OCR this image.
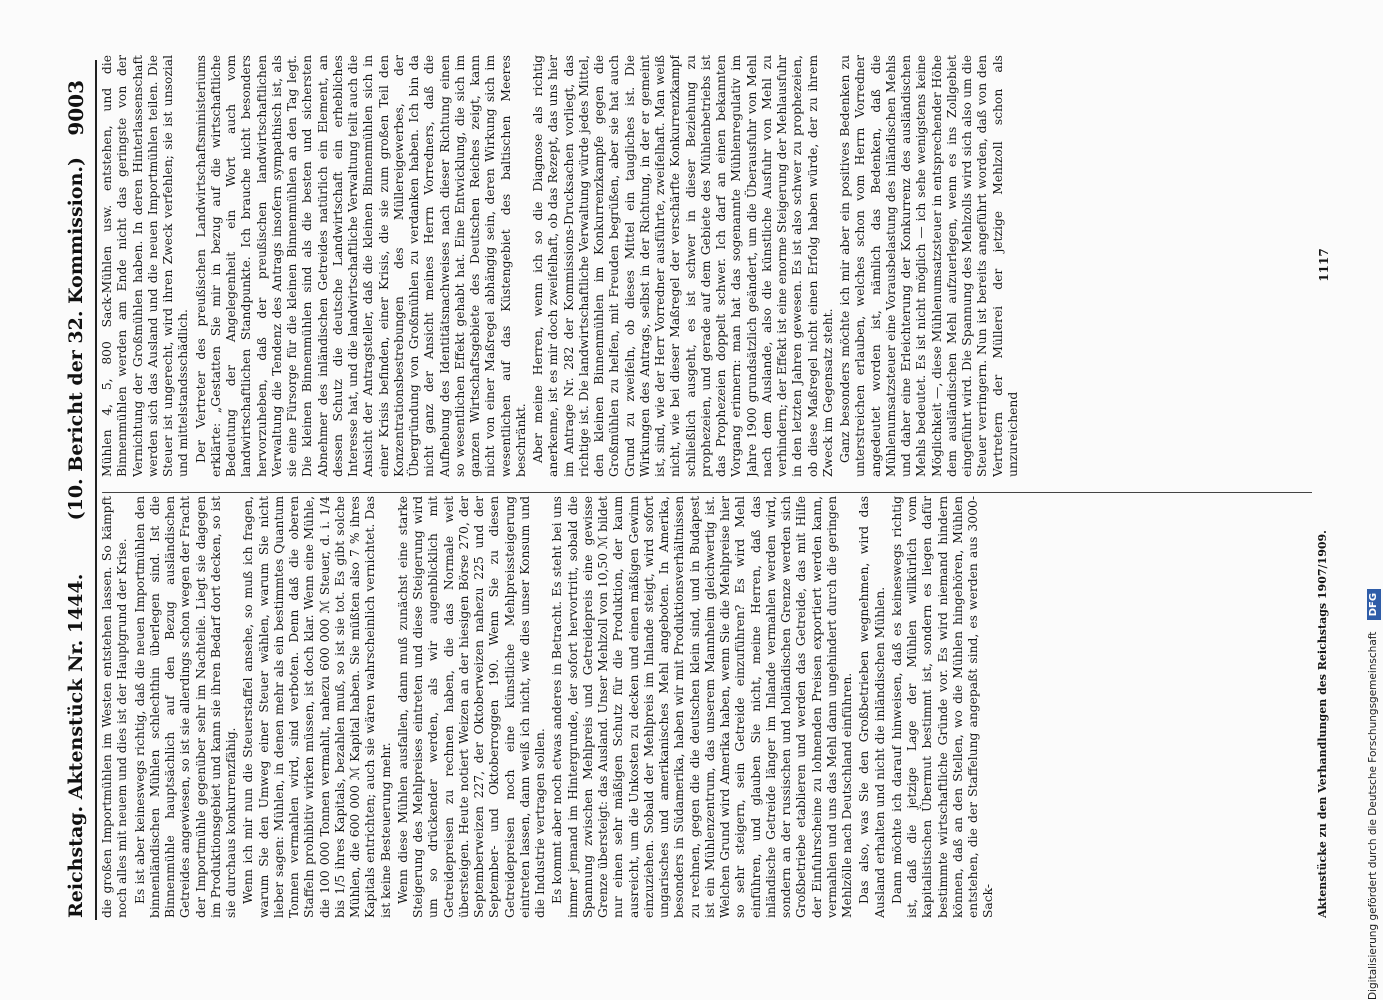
Reichstag. Aktenstück Nr. 1444.  (10. Bericht der 32. Kommission.)
9003

die großen Importmühlen im Westen entstehen lassen. So kämpft noch alles mit neuem und dies ist der Hauptgrund der Krise. Es ist aber keineswegs richtig, daß die neuen Importmühlen den binnenländischen Mühlen schlechthin überlegen sind. Ist die Binnenmühle hauptsächlich auf den Bezug ausländischen Getreides angewiesen, so ist sie allerdings schon wegen der Fracht der Importmühle gegenüber sehr im Nachteile. Liegt sie dagegen im Produktionsgebiet und kann sie ihren Bedarf dort decken, so ist sie durchaus konkurrenzfähig. Wenn ich mir nun die Steuerstaffel ansehe, so muß ich fragen, warum Sie den Umweg einer Steuer wählen, warum Sie nicht lieber sagen: Mühlen, in denen mehr als ein bestimmtes Quantum Tonnen vermahlen wird, sind verboten. Denn daß die oberen Staffeln prohibitiv wirken müssen, ist doch klar. Wenn eine Mühle, die 100 000 Tonnen vermahlt, nahezu 600 000 ℳ Steuer, d. i. 1/4 bis 1/5 ihres Kapitals, bezahlen muß, so ist sie tot. Es gibt solche Mühlen, die 600 000 ℳ Kapital haben. Sie müßten also 7 % ihres Kapitals entrichten; auch sie wären wahrscheinlich vernichtet. Das ist keine Besteuerung mehr. Wenn diese Mühlen ausfallen, dann muß zunächst eine starke Steigerung des Mehlpreises eintreten und diese Steigerung wird um so drückender werden, als wir augenblicklich mit Getreidepreisen zu rechnen haben, die das Normale weit übersteigen. Heute notiert Weizen an der hiesigen Börse 270, der Septemberweizen 227, der Oktoberweizen nahezu 225 und der September- und Oktoberroggen 190. Wenn Sie zu diesen Getreidepreisen noch eine künstliche Mehlpreissteigerung eintreten lassen, dann weiß ich nicht, wie dies unser Konsum und die Industrie vertragen sollen. Es kommt aber noch etwas anderes in Betracht. Es steht bei uns immer jemand im Hintergrunde, der sofort hervortritt, sobald die Spannung zwischen Mehlpreis und Getreidepreis eine gewisse Grenze übersteigt: das Ausland. Unser Mehlzoll von 10,50 ℳ bildet nur einen sehr mäßigen Schutz für die Produktion, der kaum ausreicht, um die Unkosten zu decken und einen mäßigen Gewinn einzuziehen. Sobald der Mehlpreis im Inlande steigt, wird sofort ungarisches und amerikanisches Mehl angeboten. In Amerika, besonders in Südamerika, haben wir mit Produktionsverhältnissen zu rechnen, gegen die die deutschen klein sind, und in Budapest ist ein Mühlenzentrum, das unserem Mannheim gleichwertig ist. Welchen Grund wird Amerika haben, wenn Sie die Mehlpreise hier so sehr steigern, sein Getreide einzuführen? Es wird Mehl einführen, und glauben Sie nicht, meine Herren, daß das inländische Getreide länger im Inlande vermahlen werden wird, sondern an der russischen und holländischen Grenze werden sich Großbetriebe etablieren und werden das Getreide, das mit Hilfe der Einfuhrscheine zu lohnenden Preisen exportiert werden kann, vermahlen und uns das Mehl dann ungehindert durch die geringen Mehlzölle nach Deutschland einführen. Das also, was Sie den Großbetrieben wegnehmen, wird das Ausland erhalten und nicht die inländischen Mühlen. Dann möchte ich darauf hinweisen, daß es keineswegs richtig ist, daß die jetzige Lage der Mühlen willkürlich vom kapitalistischen Übermut bestimmt ist, sondern es liegen dafür bestimmte wirtschaftliche Gründe vor. Es wird niemand hindern können, daß an den Stellen, wo die Mühlen hingehören, Mühlen entstehen, die der Staffelung angepaßt sind, es werden aus 3000-Sack-

Mühlen 4, 5, 800 Sack-Mühlen usw. entstehen, und die Binnenmühlen werden am Ende nicht das geringste von der Vernichtung der Großmühlen haben. In deren Hinterlassenschaft werden sich das Ausland und die neuen Importmühlen teilen. Die Steuer ist ungerecht, wird ihren Zweck verfehlen; sie ist unsozial und mittelstandsschädlich. Der Vertreter des preußischen Landwirtschaftsministeriums erklärte: „Gestatten Sie mir in bezug auf die wirtschaftliche Bedeutung der Angelegenheit ein Wort auch vom landwirtschaftlichen Standpunkte. Ich brauche nicht besonders hervorzuheben, daß der preußischen landwirtschaftlichen Verwaltung die Tendenz des Antrags insofern sympathisch ist, als sie eine Fürsorge für die kleinen Binnenmühlen an den Tag legt. Die kleinen Binnenmühlen sind als die besten und sichersten Abnehmer des inländischen Getreides natürlich ein Element, an dessen Schutz die deutsche Landwirtschaft ein erhebliches Interesse hat, und die landwirtschaftliche Verwaltung teilt auch die Ansicht der Antragsteller, daß die kleinen Binnenmühlen sich in einer Krisis befinden, einer Krisis, die sie zum großen Teil den Konzentrationsbestrebungen des Müllereigewerbes, der Übergründung von Großmühlen zu verdanken haben. Ich bin da nicht ganz der Ansicht meines Herrn Vorredners, daß die Aufhebung des Identitätsnachweises nach dieser Richtung einen so wesentlichen Effekt gehabt hat. Eine Entwicklung, die sich im ganzen Wirtschaftsgebiete des Deutschen Reiches zeigt, kann nicht von einer Maßregel abhängig sein, deren Wirkung sich im wesentlichen auf das Küstengebiet des baltischen Meeres beschränkt. Aber meine Herren, wenn ich so die Diagnose als richtig anerkenne, ist es mir doch zweifelhaft, ob das Rezept, das uns hier im Antrage Nr. 282 der Kommissions-Drucksachen vorliegt, das richtige ist. Die landwirtschaftliche Verwaltung würde jedes Mittel, den kleinen Binnenmühlen im Konkurrenzkampfe gegen die Großmühlen zu helfen, mit Freuden begrüßen, aber sie hat auch Grund zu zweifeln, ob dieses Mittel ein taugliches ist. Die Wirkungen des Antrags, selbst in der Richtung, in der er gemeint ist, sind, wie der Herr Vorredner ausführte, zweifelhaft. Man weiß nicht, wie bei dieser Maßregel der verschärfte Konkurrenzkampf schließlich ausgeht, es ist schwer in dieser Beziehung zu prophezeien, und gerade auf dem Gebiete des Mühlenbetriebs ist das Prophezeien doppelt schwer. Ich darf an einen bekannten Vorgang erinnern: man hat das sogenannte Mühlenregulativ im Jahre 1900 grundsätzlich geändert, um die Überausfuhr von Mehl nach dem Auslande, also die künstliche Ausfuhr von Mehl zu verhindern; der Effekt ist eine enorme Steigerung der Mehlausfuhr in den letzten Jahren gewesen. Es ist also schwer zu prophezeien, ob diese Maßregel nicht einen Erfolg haben würde, der zu ihrem Zweck im Gegensatz steht. Ganz besonders möchte ich mir aber ein positives Bedenken zu unterstreichen erlauben, welches schon vom Herrn Vorredner angedeutet worden ist, nämlich das Bedenken, daß die Mühlenumsatzsteuer eine Vorausbelastung des inländischen Mehls und daher eine Erleichterung der Konkurrenz des ausländischen Mehls bedeutet. Es ist nicht möglich — ich sehe wenigstens keine Möglichkeit —, diese Mühlenumsatzsteuer in entsprechender Höhe dem ausländischen Mehl aufzuerlegen, wenn es ins Zollgebiet eingeführt wird. Die Spannung des Mehlzolls wird sich also um die Steuer verringern. Nun ist bereits angeführt worden, daß von den Vertretern der Müllerei der jetzige Mehlzoll schon als unzureichend

Aktenstücke zu den Verhandlungen des Reichstags 1907/1909.
1117
Digitalisierung gefördert durch die Deutsche Forschungsgemeinschaft DFG
